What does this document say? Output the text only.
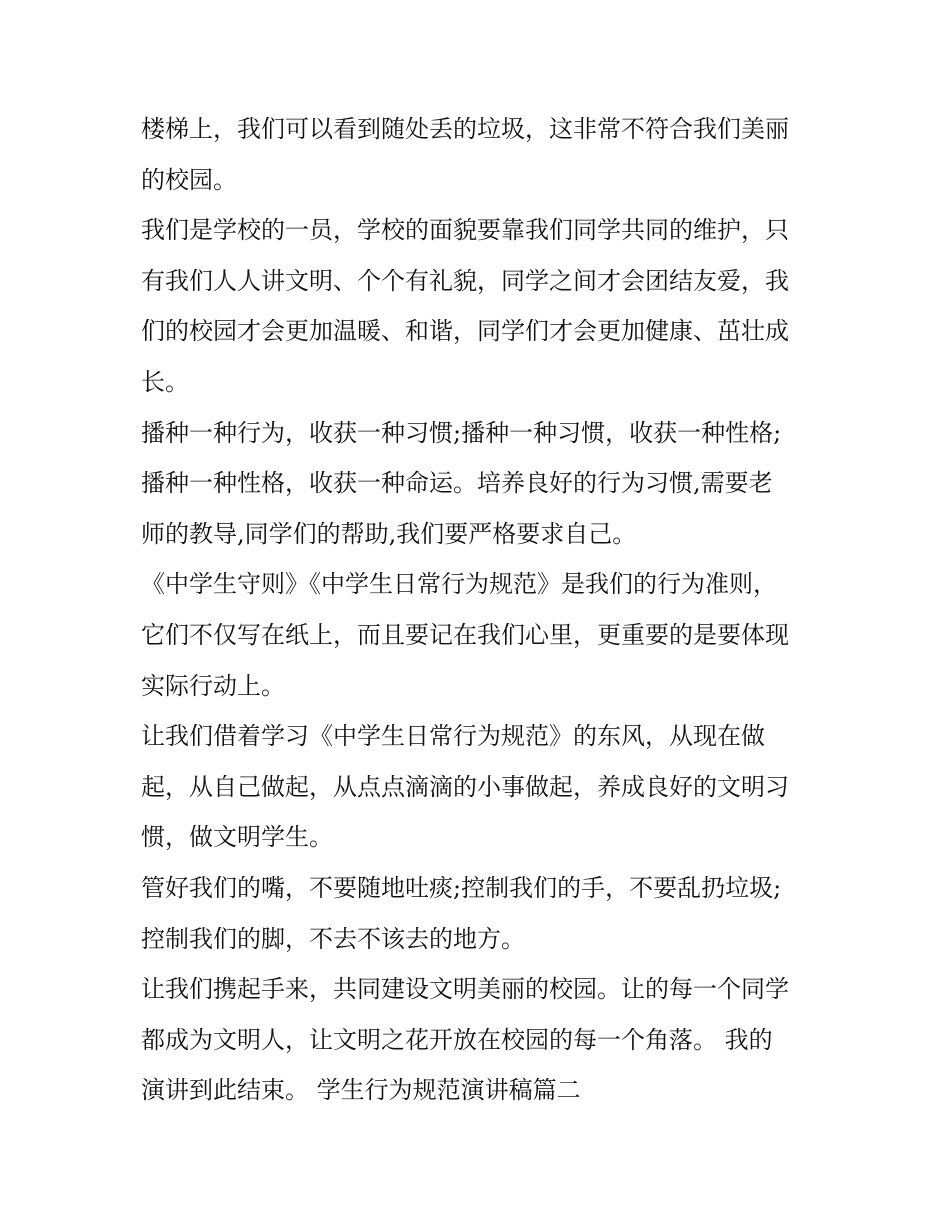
楼梯上，我们可以看到随处丢的垃圾，这非常不符合我们美丽
的校园。
我们是学校的一员，学校的面貌要靠我们同学共同的维护，只
有我们人人讲文明、个个有礼貌，同学之间才会团结友爱，我
们的校园才会更加温暖、和谐，同学们才会更加健康、茁壮成
长。
播种一种行为，收获一种习惯;播种一种习惯，收获一种性格;
播种一种性格，收获一种命运。培养良好的行为习惯,需要老
师的教导,同学们的帮助,我们要严格要求自己。
《中学生守则》《中学生日常行为规范》是我们的行为准则，
它们不仅写在纸上，而且要记在我们心里，更重要的是要体现
实际行动上。
让我们借着学习《中学生日常行为规范》的东风，从现在做
起，从自己做起，从点点滴滴的小事做起，养成良好的文明习
惯，做文明学生。
管好我们的嘴，不要随地吐痰;控制我们的手，不要乱扔垃圾;
控制我们的脚，不去不该去的地方。
让我们携起手来，共同建设文明美丽的校园。让的每一个同学
都成为文明人，让文明之花开放在校园的每一个角落。 我的
演讲到此结束。 学生行为规范演讲稿篇二
